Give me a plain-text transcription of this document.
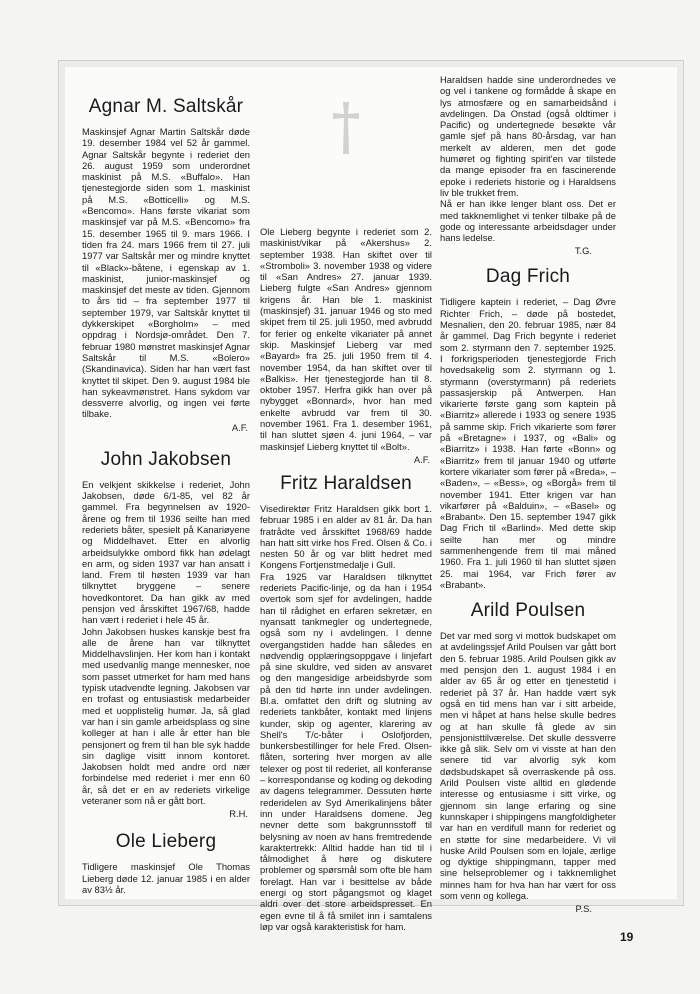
Agnar M. Saltskår

Maskinsjef Agnar Martin Saltskår døde 19. desember 1984 vel 52 år gammel. Agnar Saltskår begynte i rederiet den 26. august 1959 som underordnet maskinist på M.S. «Buffalo». Han tjenestegjorde siden som 1. maskinist på M.S. «Botticelli» og M.S. «Bencomo». Hans første vikariat som maskinsjef var på M.S. «Bencomo» fra 15. desember 1965 til 9. mars 1966. I tiden fra 24. mars 1966 frem til 27. juli 1977 var Saltskår mer og mindre knyttet til «Black»-båtene, i egenskap av 1. maskinist, junior-maskinsjef og maskinsjef det meste av tiden. Gjennom to års tid – fra september 1977 til september 1979, var Saltskår knyttet til dykkerskipet «Borgholm» – med oppdrag i Nordsjø-området. Den 7. februar 1980 mønstret maskinsjef Agnar Saltskår til M.S. «Bolero» (Skandinavica). Siden har han vært fast knyttet til skipet. Den 9. august 1984 ble han sykeavmønstret. Hans sykdom var dessverre alvorlig, og ingen vei førte tilbake.

A.F.
John Jakobsen

En velkjent skikkelse i rederiet, John Jakobsen, døde 6/1-85, vel 82 år gammel. Fra begynnelsen av 1920-årene og frem til 1936 seilte han med rederiets båter, spesielt på Kanariøyene og Middelhavet. Etter en alvorlig arbeidsulykke ombord fikk han ødelagt en arm, og siden 1937 var han ansatt i land. Frem til høsten 1939 var han tilknyttet bryggene – senere hovedkontoret. Da han gikk av med pensjon ved årsskiftet 1967/68, hadde han vært i rederiet i hele 45 år.

John Jakobsen huskes kanskje best fra alle de årene han var tilknyttet Middelhavslinjen. Her kom han i kontakt med usedvanlig mange mennesker, noe som passet utmerket for ham med hans typisk utadvendte legning. Jakobsen var en trofast og entusiastisk medarbeider med et uopplistelig humør. Ja, så glad var han i sin gamle arbeidsplass og sine kolleger at han i alle år etter han ble pensjonert og frem til han ble syk hadde sin daglige visitt innom kontoret. Jakobsen holdt med andre ord nær forbindelse med rederiet i mer enn 60 år, så det er en av rederiets virkelige veteraner som nå er gått bort.

R.H.
Ole Lieberg

Tidligere maskinsjef Ole Thomas Lieberg døde 12. januar 1985 i en alder av 83½ år.

Ole Lieberg begynte i rederiet som 2. maskinist/vikar på «Akershus» 2. september 1938. Han skiftet over til «Stromboli» 3. november 1938 og videre til «San Andres» 27. januar 1939. Lieberg fulgte «San Andres» gjennom krigens år. Han ble 1. maskinist (maskinsjef) 31. januar 1946 og sto med skipet frem til 25. juli 1950, med avbrudd for ferier og enkelte vikariater på annet skip. Maskinsjef Lieberg var med «Bayard» fra 25. juli 1950 frem til 4. november 1954, da han skiftet over til «Balkis». Her tjenestegjorde han til 8. oktober 1957. Herfra gikk han over på nybygget «Bonnard», hvor han med enkelte avbrudd var frem til 30. november 1961. Fra 1. desember 1961, til han sluttet sjøen 4. juni 1964, – var maskinsjef Lieberg knyttet til «Bolt».

A.F.
Fritz Haraldsen

Visedirektør Fritz Haraldsen gikk bort 1. februar 1985 i en alder av 81 år. Da han fratrådte ved årsskiftet 1968/69 hadde han hatt sitt virke hos Fred. Olsen & Co. i nesten 50 år og var blitt hedret med Kongens Fortjenstmedalje i Gull.

Fra 1925 var Haraldsen tilknyttet rederiets Pacific-linje, og da han i 1954 overtok som sjef for avdelingen, hadde han til rådighet en erfaren sekretær, en nyansatt tankmegler og undertegnede, også som ny i avdelingen. I denne overgangstiden hadde han således en nødvendig opplæringsoppgave i linjefart på sine skuldre, ved siden av ansvaret og den mangesidige arbeidsbyrde som på den tid hørte inn under avdelingen. Bl.a. omfattet den drift og slutning av rederiets tankbåter, kontakt med linjens kunder, skip og agenter, klarering av Shell's T/c-båter i Oslofjorden, bunkersbestillinger for hele Fred. Olsen-flåten, sortering hver morgen av alle telexer og post til rederiet, all konferanse – korrespondanse og koding og dekoding av dagens telegrammer. Dessuten hørte rederidelen av Syd Amerikalinjens båter inn under Haraldsens domene. Jeg nevner dette som bakgrunnsstoff til belysning av noen av hans fremtredende karaktertrekk: Alltid hadde han tid til i tålmodighet å høre og diskutere problemer og spørsmål som ofte ble ham forelagt. Han var i besittelse av både energi og stort pågangsmot og klaget aldri over det store arbeidspresset. En egen evne til å få smilet inn i samtalens løp var også karakteristisk for ham.

Haraldsen hadde sine underordnedes ve og vel i tankene og formådde å skape en lys atmosfære og en samarbeidsånd i avdelingen. Da Onstad (også oldtimer i Pacific) og undertegnede besøkte vår gamle sjef på hans 80-årsdag, var han merkelt av alderen, men det gode humøret og fighting spirit'en var tilstede da mange episoder fra en fascinerende epoke i rederiets historie og i Haraldsens liv ble trukket frem.

Nå er han ikke lenger blant oss. Det er med takknemlighet vi tenker tilbake på de gode og interessante arbeidsdager under hans ledelse.

T.G.
Dag Frich

Tidligere kaptein i rederiet, – Dag Øvre Richter Frich, – døde på bostedet, Mesnalien, den 20. februar 1985, nær 84 år gammel. Dag Frich begynte i rederiet som 2. styrmann den 7. september 1925. I forkrigsperioden tjenestegjorde Frich hovedsakelig som 2. styrmann og 1. styrmann (overstyrmann) på rederiets passasjerskip på Antwerpen. Han vikarierte første gang som kaptein på «Biarritz» allerede i 1933 og senere 1935 på samme skip. Frich vikarierte som fører på «Bretagne» i 1937, og «Bali» og «Biarritz» i 1938. Han førte «Bonn» og «Biarritz» frem til januar 1940 og utførte kortere vikariater som fører på «Breda», – «Baden», – «Bess», og «Borgå» frem til november 1941. Etter krigen var han vikarfører på «Balduin», – «Basel» og «Brabant». Den 15. september 1947 gikk Dag Frich til «Barlind». Med dette skip seilte han mer og mindre sammenhengende frem til mai måned 1960. Fra 1. juli 1960 til han sluttet sjøen 25. mai 1964, var Frich fører av «Brabant».

Arild Poulsen

Det var med sorg vi mottok budskapet om at avdelingssjef Arild Poulsen var gått bort den 5. februar 1985. Arild Poulsen gikk av med pensjon den 1. august 1984 i en alder av 65 år og etter en tjenestetid i rederiet på 37 år. Han hadde vært syk også en tid mens han var i sitt arbeide, men vi håpet at hans helse skulle bedres og at han skulle få glede av sin pensjonisttilværelse. Det skulle dessverre ikke gå slik. Selv om vi visste at han den senere tid var alvorlig syk kom dødsbudskapet så overraskende på oss. Arild Poulsen viste alltid en glødende interesse og entusiasme i sitt virke, og gjennom sin lange erfaring og sine kunnskaper i shippingens mangfoldigheter var han en verdifull mann for rederiet og en støtte for sine medarbeidere. Vi vil huske Arild Poulsen som en lojale, ærlige og dyktige shippingmann, tapper med sine helseproblemer og i takknemlighet minnes ham for hva han har vært for oss som venn og kollega.

P.S.
19
